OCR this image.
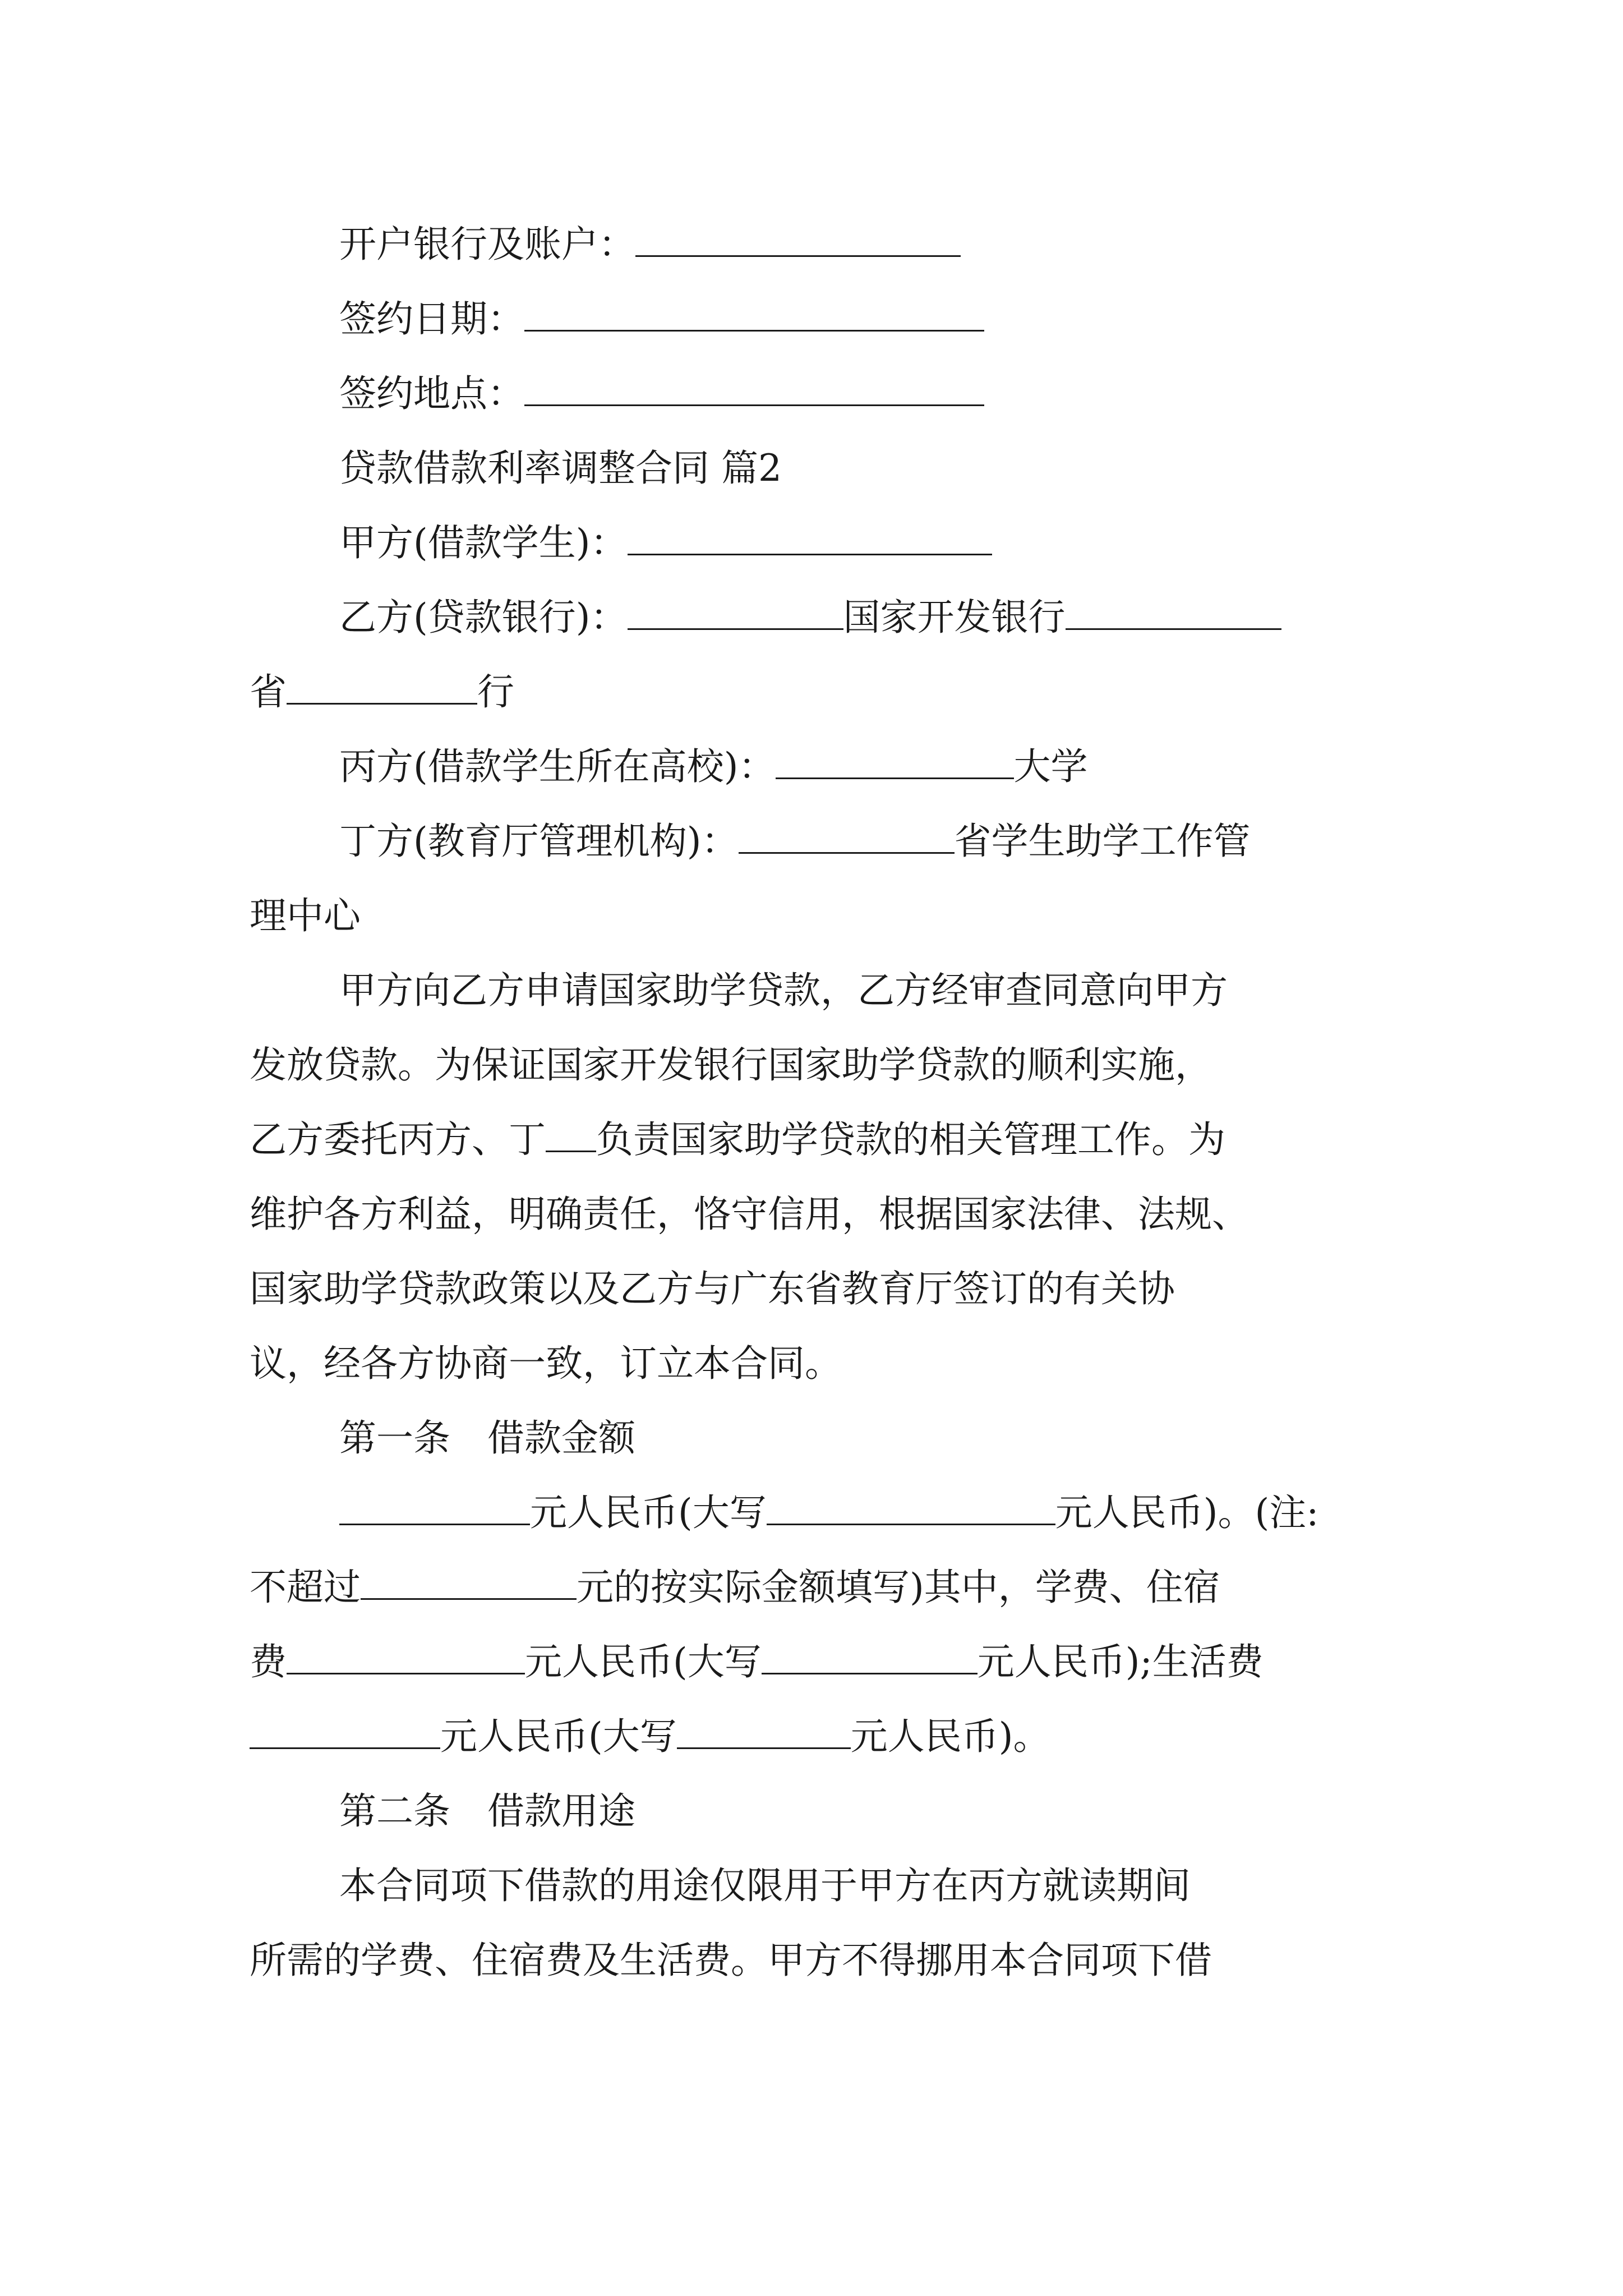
开户银行及账户：
签约日期：
签约地点：
贷款借款利率调整合同 篇2
甲方(借款学生)：
乙方(贷款银行)：	国家开发银行
省	行
丙方(借款学生所在高校)：	大学
丁方(教育厅管理机构)：	省学生助学工作管
理中心
甲方向乙方申请国家助学贷款，乙方经审查同意向甲方
发放贷款。为保证国家开发银行国家助学贷款的顺利实施，
乙方委托丙方、丁 负责国家助学贷款的相关管理工作。为
维护各方利益，明确责任，恪守信用，根据国家法律、法规、
国家助学贷款政策以及乙方与广东省教育厅签订的有关协
议，经各方协商一致，订立本合同。
第一条　借款金额
元人民币(大写	元人民币)。(注:
不超过	元的按实际金额填写)其中，学费、住宿
费	元人民币(大写	元人民币);生活费
元人民币(大写	元人民币)。
第二条　借款用途
本合同项下借款的用途仅限用于甲方在丙方就读期间
所需的学费、住宿费及生活费。甲方不得挪用本合同项下借
